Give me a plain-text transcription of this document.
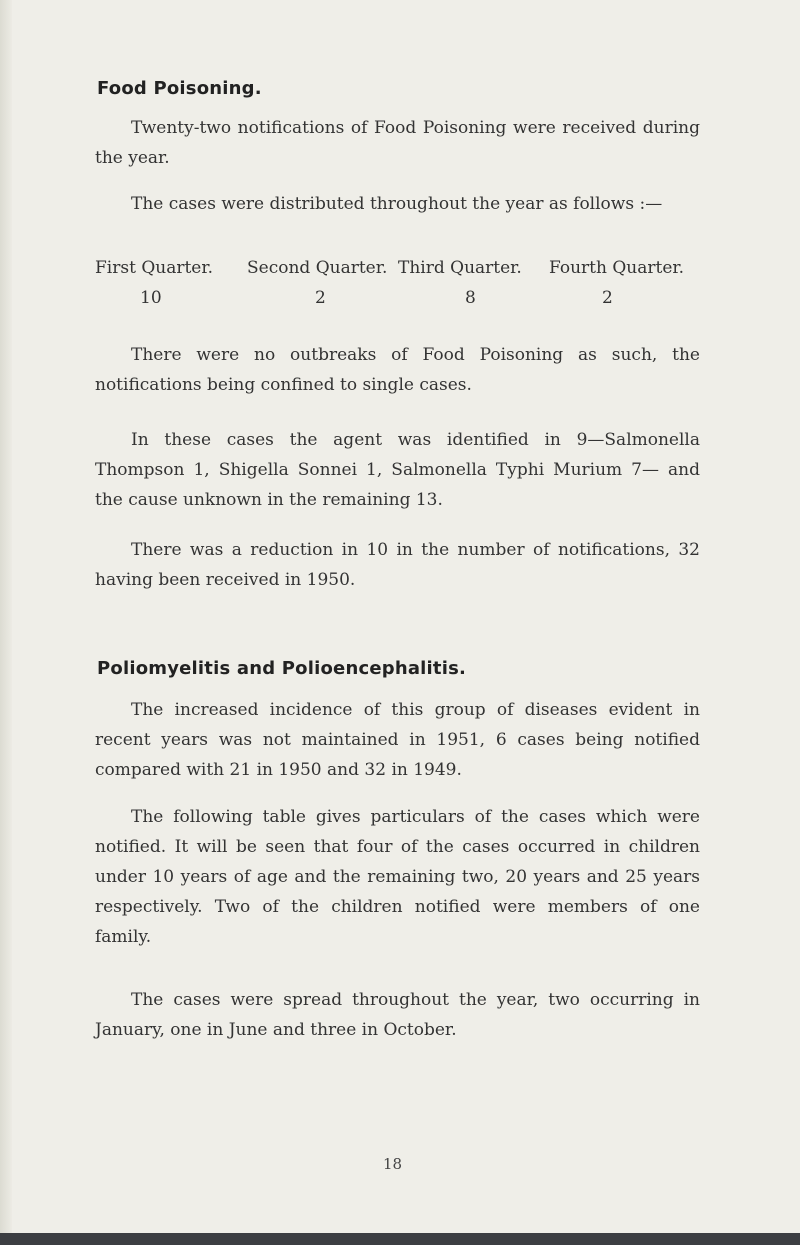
Food Poisoning.

Twenty-two notifications of Food Poisoning were received during the year.

The cases were distributed throughout the year as follows :—

First Quarter. Second Quarter. Third Quarter. Fourth Quarter.
10	2	8	2

There were no outbreaks of Food Poisoning as such, the notifications being confined to single cases.

In these cases the agent was identified in 9—Salmonella Thompson 1, Shigella Sonnei 1, Salmonella Typhi Murium 7— and the cause unknown in the remaining 13.

There was a reduction in 10 in the number of notifications, 32 having been received in 1950.

Poliomyelitis and Polioencephalitis.

The increased incidence of this group of diseases evident in recent years was not maintained in 1951, 6 cases being notified compared with 21 in 1950 and 32 in 1949.

The following table gives particulars of the cases which were notified. It will be seen that four of the cases occurred in children under 10 years of age and the remaining two, 20 years and 25 years respectively. Two of the children notified were members of one family.

The cases were spread throughout the year, two occurring in January, one in June and three in October.

18
